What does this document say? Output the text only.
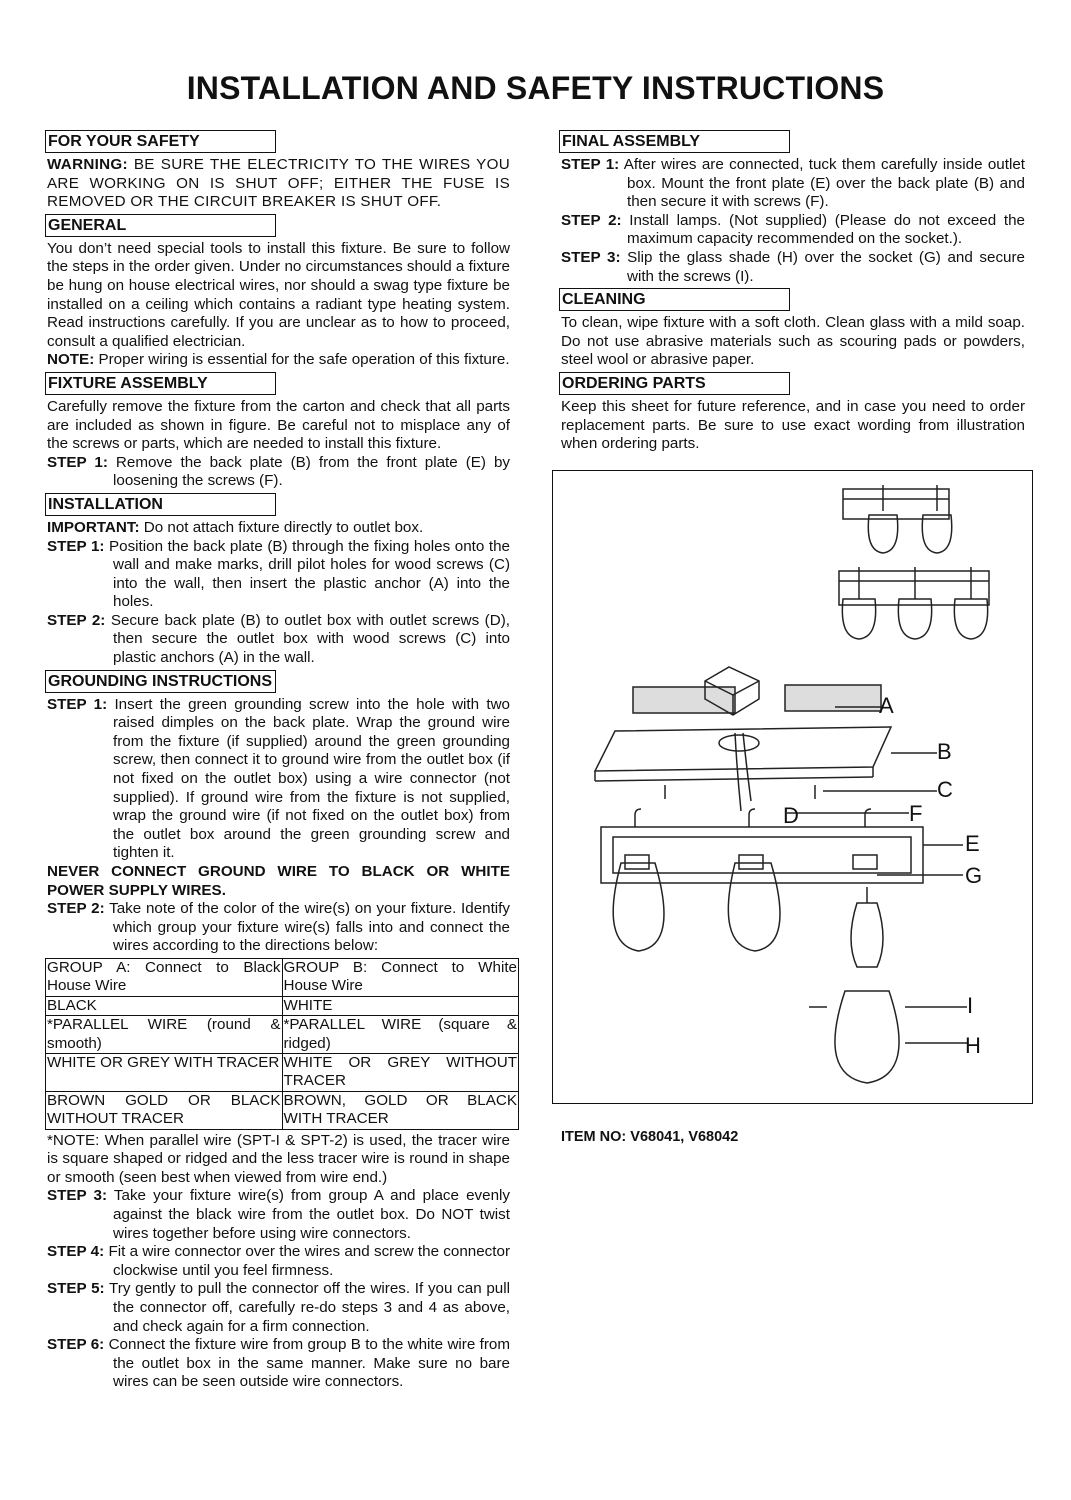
INSTALLATION AND SAFETY INSTRUCTIONS
FOR YOUR SAFETY

WARNING: BE SURE THE ELECTRICITY TO THE WIRES YOU ARE WORKING ON IS SHUT OFF; EITHER THE FUSE IS REMOVED OR THE CIRCUIT BREAKER IS SHUT OFF.

GENERAL

You don’t need special tools to install this fixture. Be sure to follow the steps in the order given. Under no circumstances should a fixture be hung on house electrical wires, nor should a swag type fixture be installed on a ceiling which contains a radiant type heating system. Read instructions carefully. If you are unclear as to how to proceed, consult a qualified electrician.

NOTE: Proper wiring is essential for the safe operation of this fixture.

FIXTURE ASSEMBLY

Carefully remove the fixture from the carton and check that all parts are included as shown in figure. Be careful not to misplace any of the screws or parts, which are needed to install this fixture.

STEP 1: Remove the back plate (B) from the front plate (E) by loosening the screws (F).

INSTALLATION

IMPORTANT: Do not attach fixture directly to outlet box.

STEP 1: Position the back plate (B) through the fixing holes onto the wall and make marks, drill pilot holes for wood screws (C) into the wall, then insert the plastic anchor (A) into the holes.

STEP 2: Secure back plate (B) to outlet box with outlet screws (D), then secure the outlet box with wood screws (C) into plastic anchors (A) in the wall.

GROUNDING INSTRUCTIONS

STEP 1: Insert the green grounding screw into the hole with two raised dimples on the back plate. Wrap the ground wire from the fixture (if supplied) around the green grounding screw, then connect it to ground wire from the outlet box (if not fixed on the outlet box) using a wire connector (not supplied). If ground wire from the fixture is not supplied, wrap the ground wire (if not fixed on the outlet box) from the outlet box around the green grounding screw and tighten it.

NEVER CONNECT GROUND WIRE TO BLACK OR WHITE POWER SUPPLY WIRES.

STEP 2: Take note of the color of the wire(s) on your fixture. Identify which group your fixture wire(s) falls into and connect the wires according to the directions below:

GROUP A: Connect to Black House Wire	GROUP B: Connect to White House Wire
BLACK	WHITE
*PARALLEL WIRE (round & smooth)	*PARALLEL WIRE (square & ridged)
WHITE OR GREY WITH TRACER	WHITE OR GREY WITHOUT TRACER
BROWN GOLD OR BLACK WITHOUT TRACER	BROWN, GOLD OR BLACK WITH TRACER

*NOTE: When parallel wire (SPT-I & SPT-2) is used, the tracer wire is square shaped or ridged and the less tracer wire is round in shape or smooth (seen best when viewed from wire end.)

STEP 3: Take your fixture wire(s) from group A and place evenly against the black wire from the outlet box. Do NOT twist wires together before using wire connectors.

STEP 4: Fit a wire connector over the wires and screw the connector clockwise until you feel firmness.

STEP 5: Try gently to pull the connector off the wires. If you can pull the connector off, carefully re-do steps 3 and 4 as above, and check again for a firm connection.

STEP 6: Connect the fixture wire from group B to the white wire from the outlet box in the same manner. Make sure no bare wires can be seen outside wire connectors.

FINAL ASSEMBLY

STEP 1: After wires are connected, tuck them carefully inside outlet box. Mount the front plate (E) over the back plate (B) and then secure it with screws (F).

STEP 2: Install lamps. (Not supplied) (Please do not exceed the maximum capacity recommended on the socket.).

STEP 3: Slip the glass shade (H) over the socket (G) and secure with the screws (I).

CLEANING

To clean, wipe fixture with a soft cloth. Clean glass with a mild soap. Do not use abrasive materials such as scouring pads or powders, steel wool or abrasive paper.

ORDERING PARTS

Keep this sheet for future reference, and in case you need to order replacement parts. Be sure to use exact wording from illustration when ordering parts.

A
B
C
D
E
F
G
H
I
ITEM NO: V68041, V68042
